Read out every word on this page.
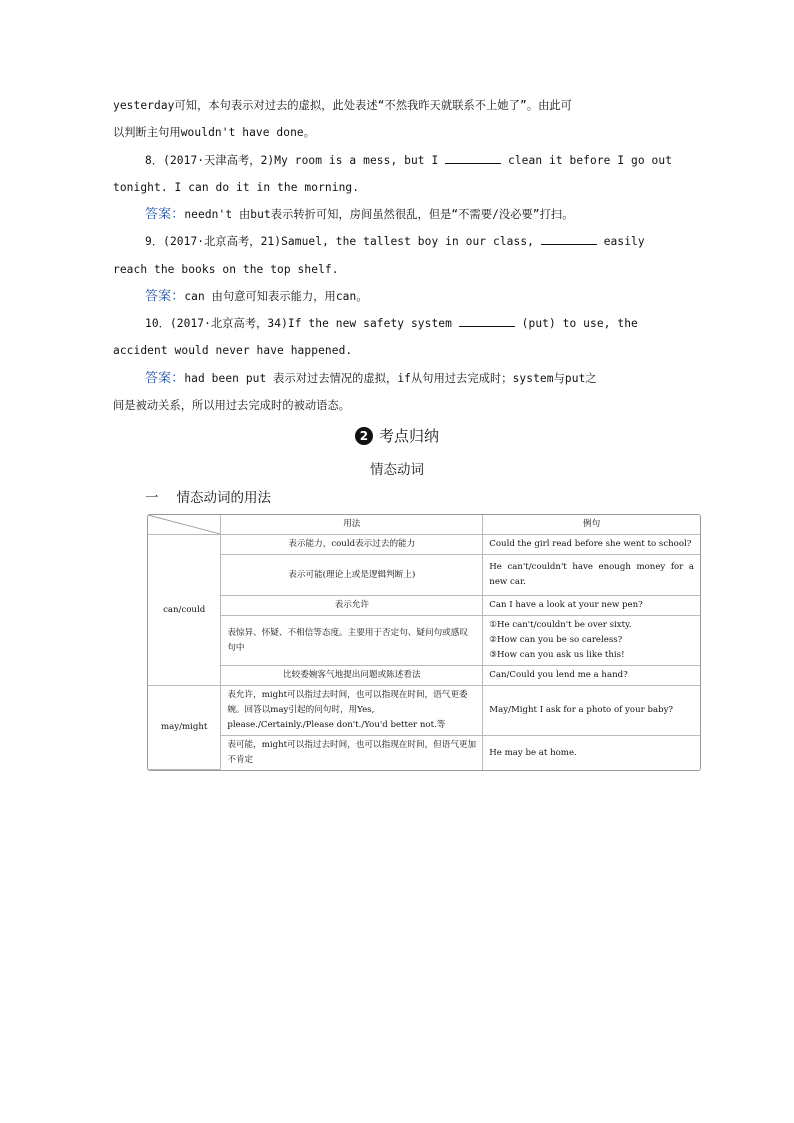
yesterday可知，本句表示对过去的虚拟，此处表述“不然我昨天就联系不上她了”。由此可
以判断主句用wouldn't have done。
8．(2017·天津高考，2)My room is a mess, but I	clean it before I go out
tonight. I can do it in the morning.
答案：needn't 由but表示转折可知，房间虽然很乱，但是“不需要/没必要”打扫。
9．(2017·北京高考，21)Samuel, the tallest boy in our class,	easily
reach the books on the top shelf.
答案：can 由句意可知表示能力，用can。
10．(2017·北京高考，34)If the new safety system	(put) to use, the
accident would never have happened.
答案：had been put 表示对过去情况的虚拟，if从句用过去完成时；system与put之
间是被动关系，所以用过去完成时的被动语态。
2 考点归纳
情态动词
一 情态动词的用法
	用法	例句
can/could	表示能力，could表示过去的能力	Could the girl read before she went to school?
	表示可能(理论上或是逻辑判断上)	He can't/couldn't have enough money for a new car.
	表示允许	Can I have a look at your new pen?
	表惊异、怀疑、不相信等态度。主要用于否定句、疑问句或感叹句中	①He can't/couldn't be over sixty.
②How can you be so careless?
③How can you ask us like this!

	比较委婉客气地提出问题或陈述看法	Can/Could you lend me a hand?
may/might	表允许，might可以指过去时间，也可以指现在时间，语气更委婉。回答以may引起的问句时，用Yes, please./Certainly./Please don't./You'd better not.等	May/Might I ask for a photo of your baby?
	表可能，might可以指过去时间，也可以指现在时间，但语气更加不肯定	He may be at home.
